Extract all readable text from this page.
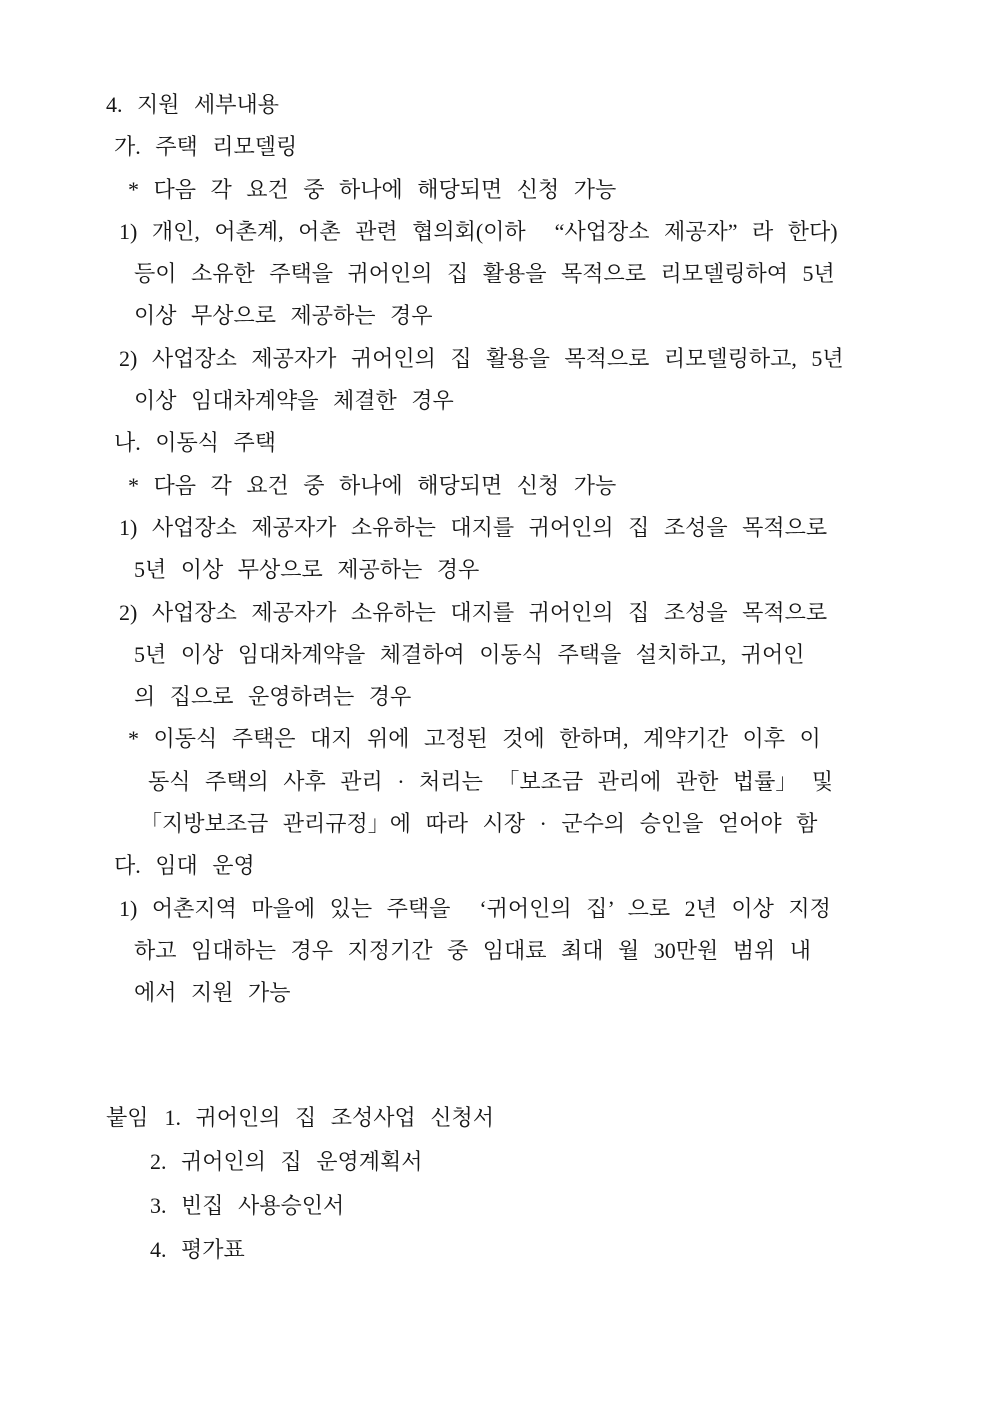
4. 지원 세부내용
가. 주택 리모델링
* 다음 각 요건 중 하나에 해당되면 신청 가능
1) 개인, 어촌계, 어촌 관련 협의회(이하  “사업장소 제공자” 라 한다)
등이 소유한 주택을 귀어인의 집 활용을 목적으로 리모델링하여 5년
이상 무상으로 제공하는 경우
2) 사업장소 제공자가 귀어인의 집 활용을 목적으로 리모델링하고, 5년
이상 임대차계약을 체결한 경우
나. 이동식 주택
* 다음 각 요건 중 하나에 해당되면 신청 가능
1) 사업장소 제공자가 소유하는 대지를 귀어인의 집 조성을 목적으로
5년 이상 무상으로 제공하는 경우
2) 사업장소 제공자가 소유하는 대지를 귀어인의 집 조성을 목적으로
5년 이상 임대차계약을 체결하여 이동식 주택을 설치하고, 귀어인
의 집으로 운영하려는 경우
* 이동식 주택은 대지 위에 고정된 것에 한하며, 계약기간 이후 이
동식 주택의 사후 관리 · 처리는 「보조금 관리에 관한 법률」 및
「지방보조금 관리규정」에 따라 시장 · 군수의 승인을 얻어야 함
다. 임대 운영
1) 어촌지역 마을에 있는 주택을  ‘귀어인의 집’ 으로 2년 이상 지정
하고 임대하는 경우 지정기간 중 임대료 최대 월 30만원 범위 내
에서 지원 가능
붙임 1. 귀어인의 집 조성사업 신청서
2. 귀어인의 집 운영계획서
3. 빈집 사용승인서
4. 평가표
